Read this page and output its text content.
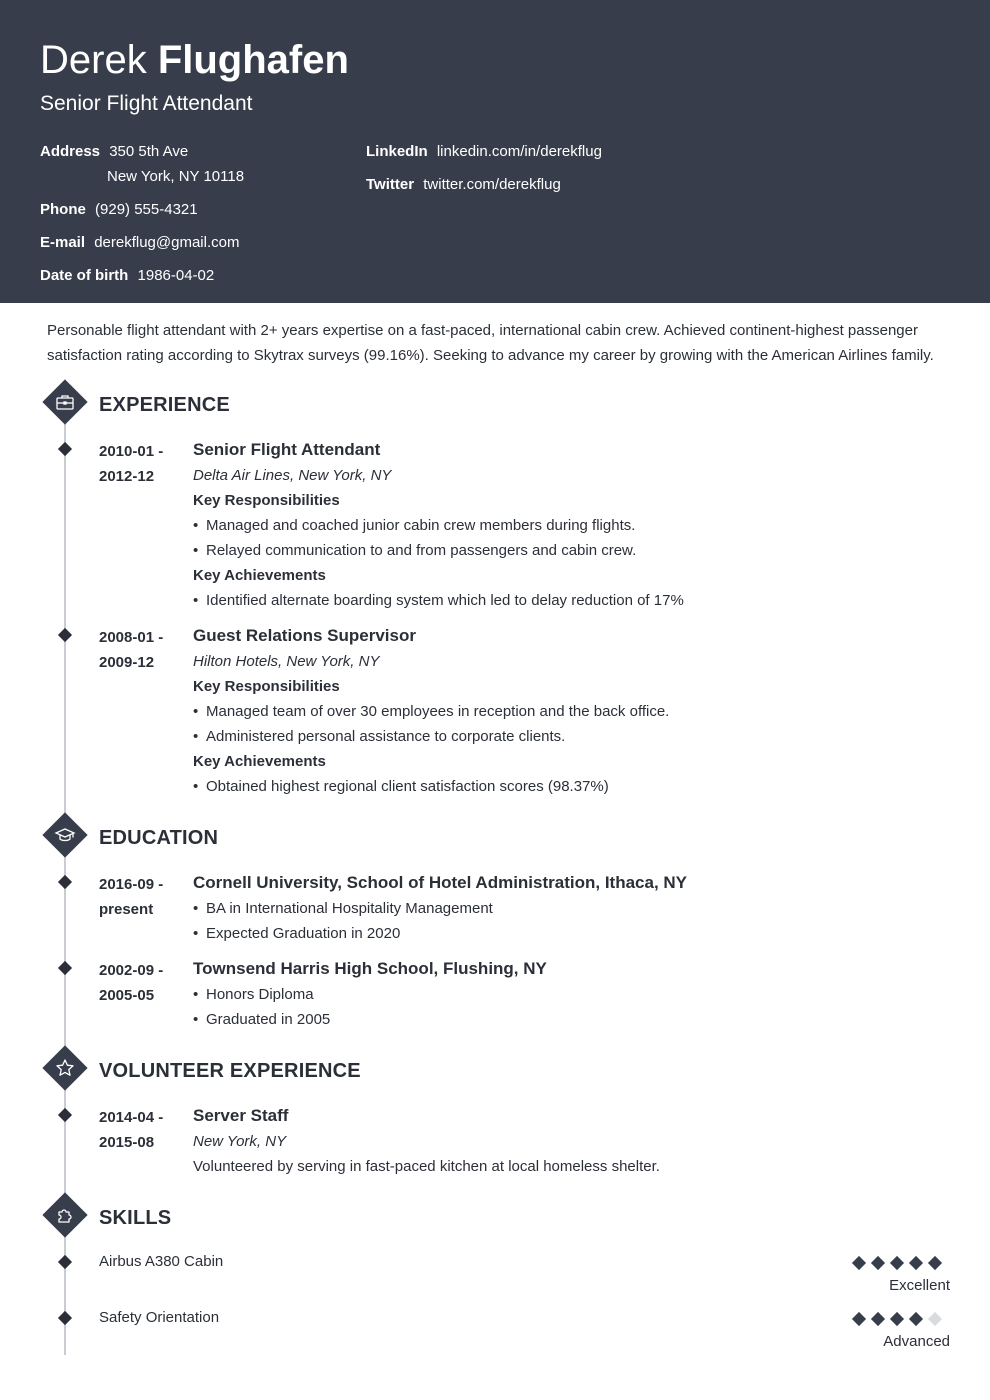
Derek Flughafen
Senior Flight Attendant
Address 350 5th Ave
New York, NY 10118
Phone (929) 555-4321
E-mail derekflug@gmail.com
Date of birth 1986-04-02
LinkedIn linkedin.com/in/derekflug
Twitter twitter.com/derekflug
Personable flight attendant with 2+ years expertise on a fast-paced, international cabin crew. Achieved continent-highest passenger satisfaction rating according to Skytrax surveys (99.16%). Seeking to advance my career by growing with the American Airlines family.
EXPERIENCE
2010-01 -
2012-12
Senior Flight Attendant
Delta Air Lines, New York, NY
Key Responsibilities
• Managed and coached junior cabin crew members during flights.
• Relayed communication to and from passengers and cabin crew.
Key Achievements
• Identified alternate boarding system which led to delay reduction of 17%
2008-01 -
2009-12
Guest Relations Supervisor
Hilton Hotels, New York, NY
Key Responsibilities
• Managed team of over 30 employees in reception and the back office.
• Administered personal assistance to corporate clients.
Key Achievements
• Obtained highest regional client satisfaction scores (98.37%)
EDUCATION
2016-09 -
present
Cornell University, School of Hotel Administration, Ithaca, NY
• BA in International Hospitality Management
• Expected Graduation in 2020
2002-09 -
2005-05
Townsend Harris High School, Flushing, NY
• Honors Diploma
• Graduated in 2005
VOLUNTEER EXPERIENCE
2014-04 -
2015-08
Server Staff
New York, NY
Volunteered by serving in fast-paced kitchen at local homeless shelter.
SKILLS
Airbus A380 Cabin
Excellent
Safety Orientation
Advanced
